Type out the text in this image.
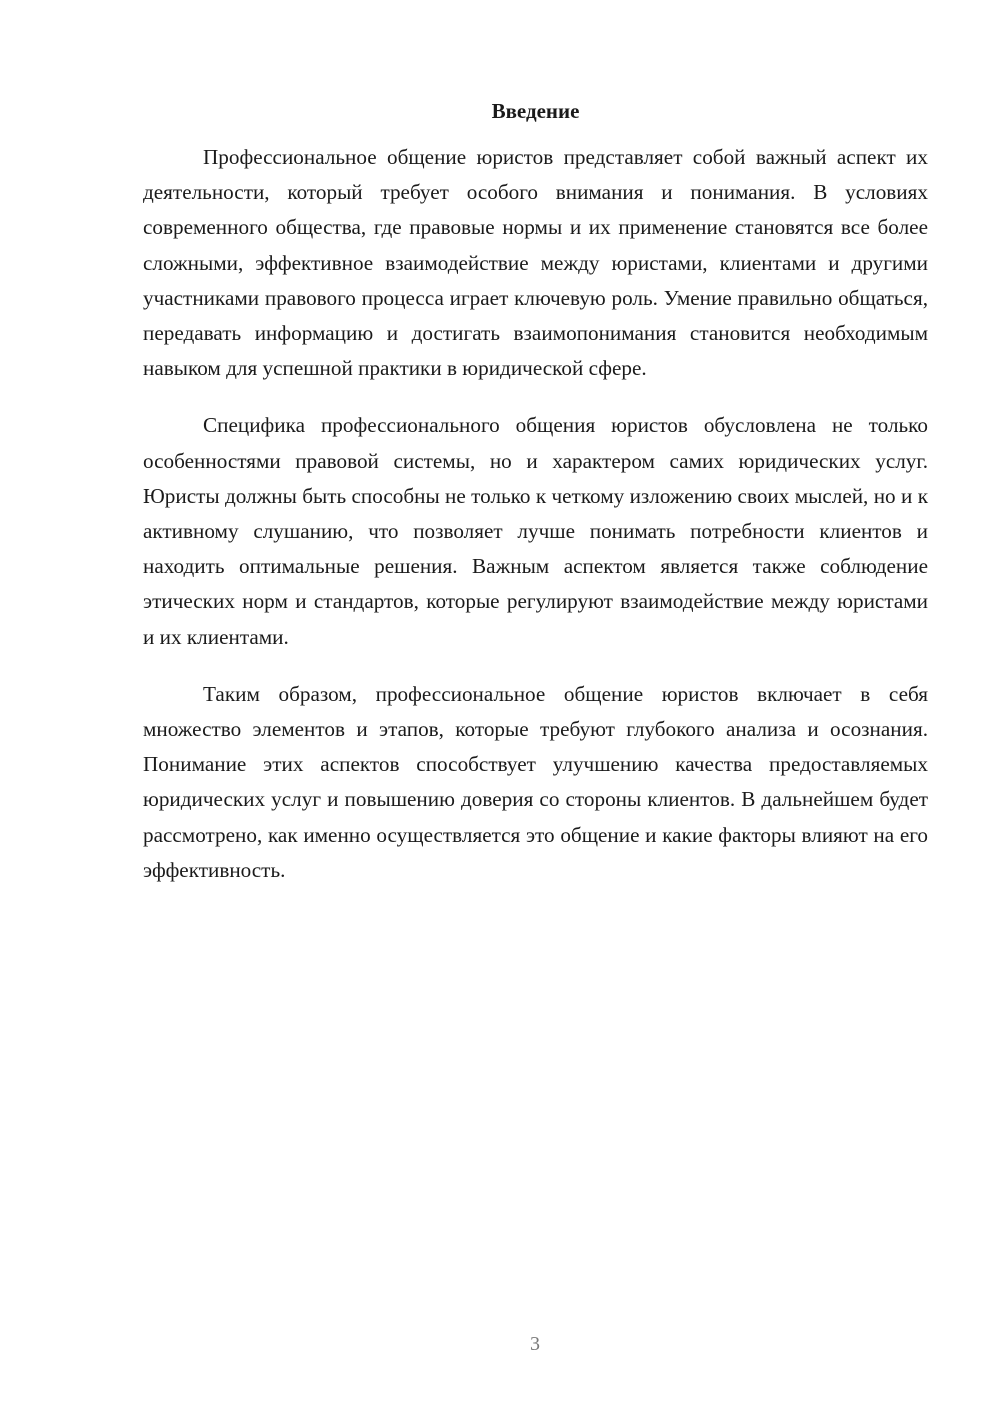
Введение

Профессиональное общение юристов представляет собой важный аспект их деятельности, который требует особого внимания и понимания. В условиях современного общества, где правовые нормы и их применение становятся все более сложными, эффективное взаимодействие между юристами, клиентами и другими участниками правового процесса играет ключевую роль. Умение правильно общаться, передавать информацию и достигать взаимопонимания становится необходимым навыком для успешной практики в юридической сфере.

Специфика профессионального общения юристов обусловлена не только особенностями правовой системы, но и характером самих юридических услуг. Юристы должны быть способны не только к четкому изложению своих мыслей, но и к активному слушанию, что позволяет лучше понимать потребности клиентов и находить оптимальные решения. Важным аспектом является также соблюдение этических норм и стандартов, которые регулируют взаимодействие между юристами и их клиентами.

Таким образом, профессиональное общение юристов включает в себя множество элементов и этапов, которые требуют глубокого анализа и осознания. Понимание этих аспектов способствует улучшению качества предоставляемых юридических услуг и повышению доверия со стороны клиентов. В дальнейшем будет рассмотрено, как именно осуществляется это общение и какие факторы влияют на его эффективность.

3
